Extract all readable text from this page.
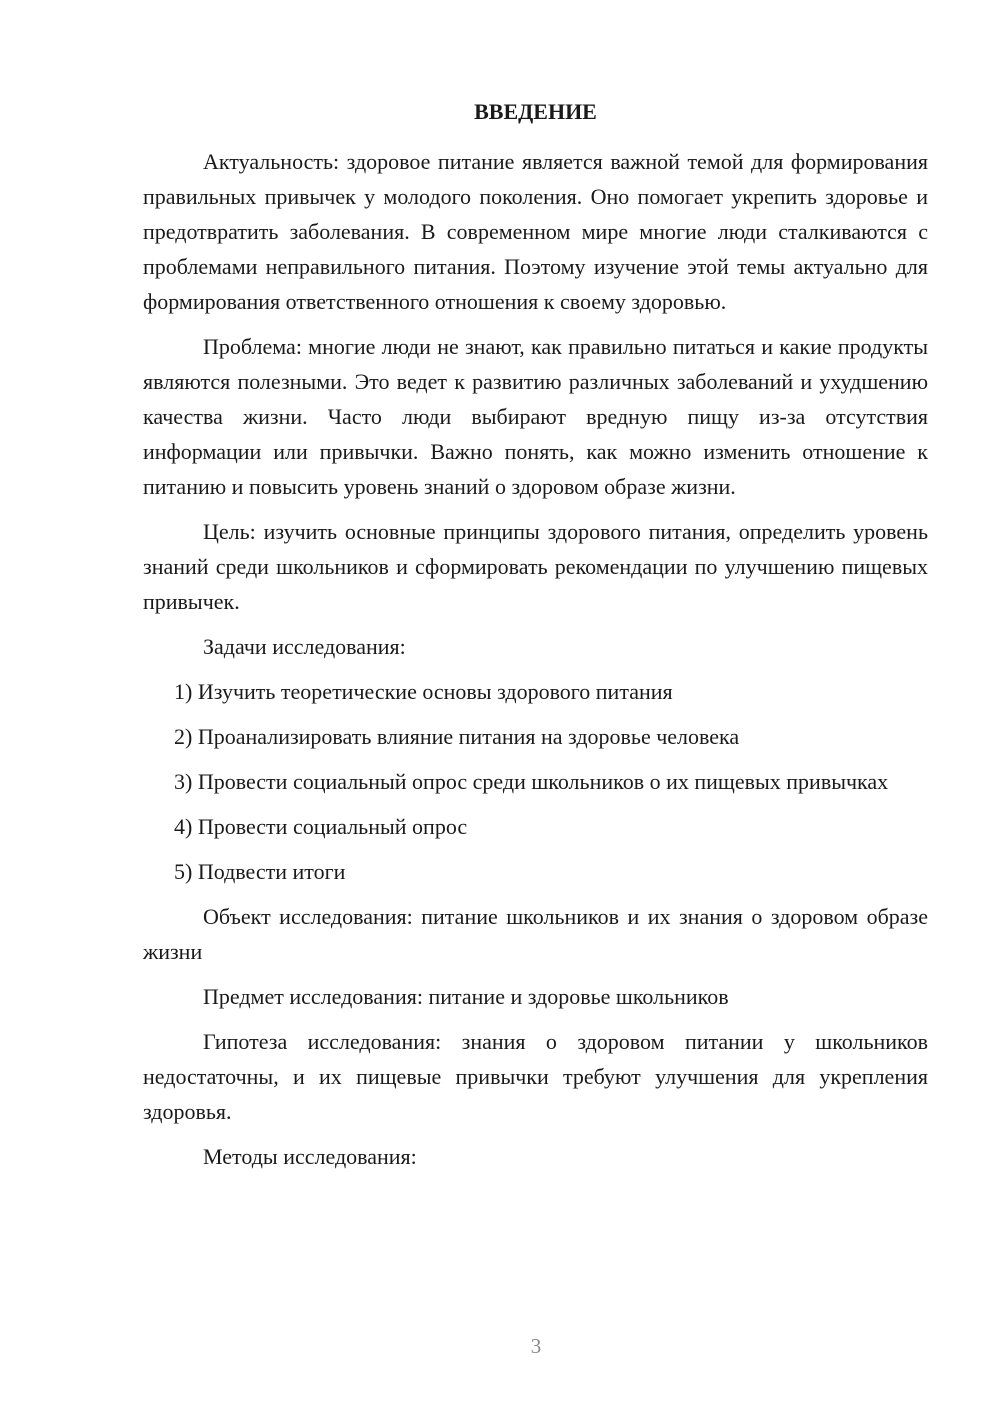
ВВЕДЕНИЕ

Актуальность: здоровое питание является важной темой для формирования правильных привычек у молодого поколения. Оно помогает укрепить здоровье и предотвратить заболевания. В современном мире многие люди сталкиваются с проблемами неправильного питания. Поэтому изучение этой темы актуально для формирования ответственного отношения к своему здоровью.

Проблема: многие люди не знают, как правильно питаться и какие продукты являются полезными. Это ведет к развитию различных заболеваний и ухудшению качества жизни. Часто люди выбирают вредную пищу из-за отсутствия информации или привычки. Важно понять, как можно изменить отношение к питанию и повысить уровень знаний о здоровом образе жизни.

Цель: изучить основные принципы здорового питания, определить уровень знаний среди школьников и сформировать рекомендации по улучшению пищевых привычек.

Задачи исследования:

1) Изучить теоретические основы здорового питания

2) Проанализировать влияние питания на здоровье человека

3) Провести социальный опрос среди школьников о их пищевых привычках

4) Провести социальный опрос

5) Подвести итоги

Объект исследования: питание школьников и их знания о здоровом образе жизни

Предмет исследования: питание и здоровье школьников

Гипотеза исследования: знания о здоровом питании у школьников недостаточны, и их пищевые привычки требуют улучшения для укрепления здоровья.

Методы исследования:

3
